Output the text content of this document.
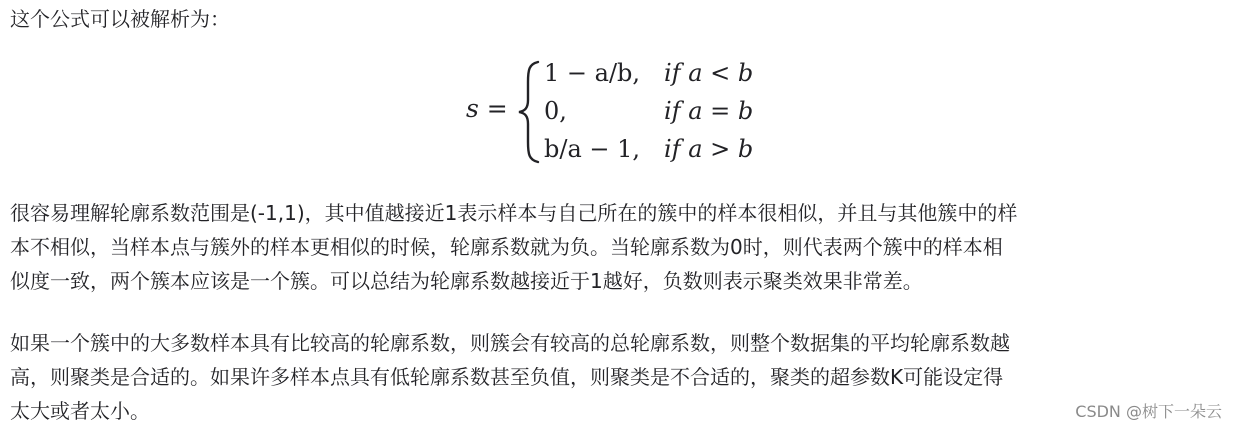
这个公式可以被解析为：

s =
1 − a/b, if a < b
0,	if a = b
b/a − 1, if a > b
很容易理解轮廓系数范围是(-1,1)，其中值越接近1表示样本与自己所在的簇中的样本很相似，并且与其他簇中的样
本不相似，当样本点与簇外的样本更相似的时候，轮廓系数就为负。当轮廓系数为0时，则代表两个簇中的样本相
似度一致，两个簇本应该是一个簇。可以总结为轮廓系数越接近于1越好，负数则表示聚类效果非常差。
如果一个簇中的大多数样本具有比较高的轮廓系数，则簇会有较高的总轮廓系数，则整个数据集的平均轮廓系数越
高，则聚类是合适的。如果许多样本点具有低轮廓系数甚至负值，则聚类是不合适的，聚类的超参数K可能设定得
太大或者太小。	CSDN @树下一朵云
